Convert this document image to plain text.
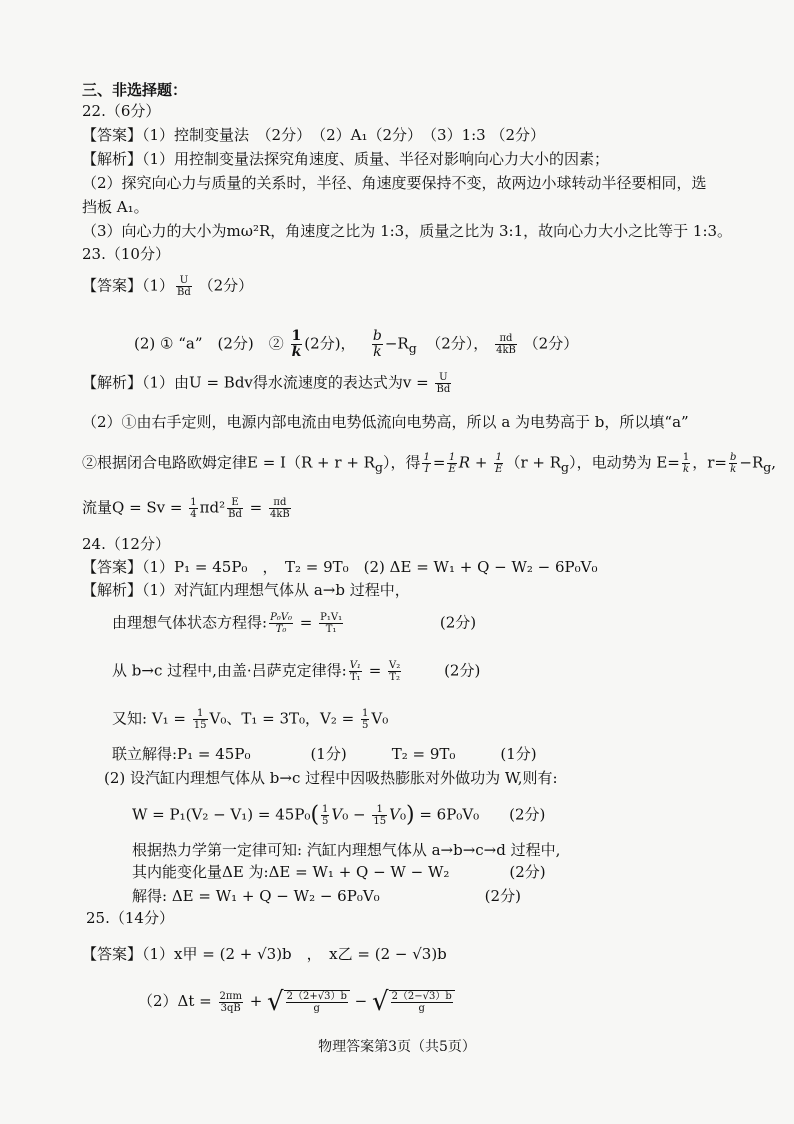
三、非选择题：
22.（6分）
【答案】（1）控制变量法　（2分）　（2）A₁（2分）　（3）1:3 （2分）
【解析】（1）用控制变量法探究角速度、质量、半径对影响向心力大小的因素；
（2）探究向心力与质量的关系时，半径、角速度要保持不变，故两边小球转动半径要相同，选
挡板 A₁。
（3）向心力的大小为mω²R，角速度之比为 1:3，质量之比为 3:1，故向心力大小之比等于 1:3。
23.（10分）
【答案】$(1) \frac{U}{Bd} (2$分）
(2) ① “a”　(2分)　② $\frac{1}{k} (2$分)， $\frac{b}{k} -R_g$ （2分）， $\frac{\pi d}{4kB} (2$分）
【解析】（1）由U = Bdv得水流速度的表达式为$v = \frac{U}{Bd}$
（2）①由右手定则，电源内部电流由电势低流向电势高，所以 a 为电势高于 b，所以填“a”
②根据闭合电路欧姆定律$E = I(R + r + R_g)$，得 $\frac{1}{I} = \frac{1}{E}$ $R + \frac{1}{E} (r + R_g)$，电动势为 $E= \frac{1}{k}$ ，$r= \frac{b}{k} -R_g$,
流量$Q = Sv = \frac{1}{4} \pi d^2 \frac{E}{Bd} = \frac{\pi d}{4kB}$
24.（12分）
【答案】（1）P₁ = 45P₀　，　T₂ = 9T₀　(2) ΔE = W₁ + Q − W₂ − 6P₀V₀
【解析】（1）对汽缸内理想气体从 a→b 过程中，
由理想气体状态方程得: $\frac{\text{P₀V₀}}{\text{T₀}} = \frac{\text{P₁V₁}}{\text{T₁}}$	(2分)
从 b→c 过程中,由盖·吕萨克定律得: $\frac{\text{V₁}}{\text{T₁}} = \frac{\text{V₂}}{\text{T₂}}$	(2分)
又知: $V_1 = \frac{1}{15} V_0$、T₁ = 3T₀，$V_2 = \frac{1}{5} V_0$
联立解得:P₁ = 45P₀　　　　(1分)　　　T₂ = 9T₀　　　(1分)
(2) 设汽缸内理想气体从 b→c 过程中因吸热膨胀对外做功为 W,则有:
$W = P_1(V_2 - V_1) = 45P_0( \frac{1}{5} V_0 - \frac{1}{15} V_0) = 6P_0V_0$　　(2分)
根据热力学第一定律可知: 汽缸内理想气体从 a→b→c→d 过程中,
其内能变化量ΔE 为:ΔE = W₁ + Q − W − W₂　　　　(2分)
解得: ΔE = W₁ + Q − W₂ − 6P₀V₀　　　　　　　(2分)
25.（14分）
【答案】（1）x甲 = (2 + √3)b　，　x乙 = (2 − √3)b
$(2)\Delta t = \frac{2\pi m}{3qB}$ + √ $\frac{2(2+√3)b}{g}$ − √ $\frac{2(2-√3)b}{g}$
物理答案第3页（共5页）
